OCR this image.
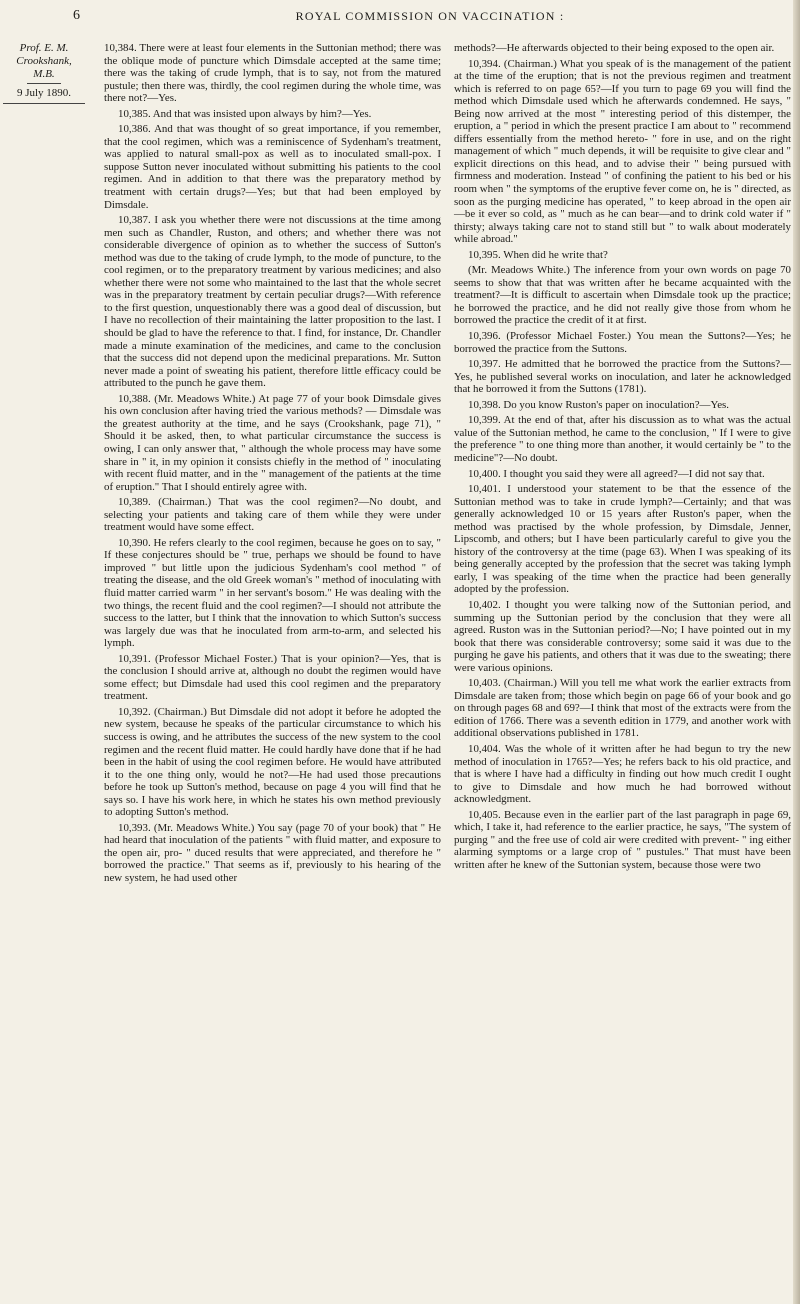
6	ROYAL COMMISSION ON VACCINATION :
Prof. E. M.
Crookshank,
M.B.
9 July 1890.

10,384. There were at least four elements in the Suttonian method; there was the oblique mode of puncture which Dimsdale accepted at the same time; there was the taking of crude lymph, that is to say, not from the matured pustule; then there was, thirdly, the cool regimen during the whole time, was there not?—Yes.

10,385. And that was insisted upon always by him?—Yes.

10,386. And that was thought of so great importance, if you remember, that the cool regimen, which was a reminiscence of Sydenham's treatment, was applied to natural small-pox as well as to inoculated small-pox. I suppose Sutton never inoculated without submitting his patients to the cool regimen. And in addition to that there was the preparatory method by treatment with certain drugs?—Yes; but that had been employed by Dimsdale.

10,387. I ask you whether there were not discussions at the time among men such as Chandler, Ruston, and others; and whether there was not considerable divergence of opinion as to whether the success of Sutton's method was due to the taking of crude lymph, to the mode of puncture, to the cool regimen, or to the preparatory treatment by various medicines; and also whether there were not some who maintained to the last that the whole secret was in the preparatory treatment by certain peculiar drugs?—With reference to the first question, unquestionably there was a good deal of discussion, but I have no recollection of their maintaining the latter proposition to the last. I should be glad to have the reference to that. I find, for instance, Dr. Chandler made a minute examination of the medicines, and came to the conclusion that the success did not depend upon the medicinal preparations. Mr. Sutton never made a point of sweating his patient, therefore little efficacy could be attributed to the punch he gave them.

10,388. (Mr. Meadows White.) At page 77 of your book Dimsdale gives his own conclusion after having tried the various methods? — Dimsdale was the greatest authority at the time, and he says (Crookshank, page 71), " Should it be asked, then, to what particular circumstance the success is owing, I can only answer that, " although the whole process may have some share in " it, in my opinion it consists chiefly in the method of " inoculating with recent fluid matter, and in the " management of the patients at the time of eruption." That I should entirely agree with.

10,389. (Chairman.) That was the cool regimen?—No doubt, and selecting your patients and taking care of them while they were under treatment would have some effect.

10,390. He refers clearly to the cool regimen, because he goes on to say, " If these conjectures should be " true, perhaps we should be found to have improved " but little upon the judicious Sydenham's cool method " of treating the disease, and the old Greek woman's " method of inoculating with fluid matter carried warm " in her servant's bosom." He was dealing with the two things, the recent fluid and the cool regimen?—I should not attribute the success to the latter, but I think that the innovation to which Sutton's success was largely due was that he inoculated from arm-to-arm, and selected his lymph.

10,391. (Professor Michael Foster.) That is your opinion?—Yes, that is the conclusion I should arrive at, although no doubt the regimen would have some effect; but Dimsdale had used this cool regimen and the preparatory treatment.

10,392. (Chairman.) But Dimsdale did not adopt it before he adopted the new system, because he speaks of the particular circumstance to which his success is owing, and he attributes the success of the new system to the cool regimen and the recent fluid matter. He could hardly have done that if he had been in the habit of using the cool regimen before. He would have attributed it to the one thing only, would he not?—He had used those precautions before he took up Sutton's method, because on page 4 you will find that he says so. I have his work here, in which he states his own method previously to adopting Sutton's method.

10,393. (Mr. Meadows White.) You say (page 70 of your book) that " He had heard that inoculation of the patients " with fluid matter, and exposure to the open air, pro- " duced results that were appreciated, and therefore he " borrowed the practice." That seems as if, previously to his hearing of the new system, he had used other

methods?—He afterwards objected to their being exposed to the open air.

10,394. (Chairman.) What you speak of is the management of the patient at the time of the eruption; that is not the previous regimen and treatment which is referred to on page 65?—If you turn to page 69 you will find the method which Dimsdale used which he afterwards condemned. He says, " Being now arrived at the most " interesting period of this distemper, the eruption, a " period in which the present practice I am about to " recommend differs essentially from the method hereto- " fore in use, and on the right management of which " much depends, it will be requisite to give clear and " explicit directions on this head, and to advise their " being pursued with firmness and moderation. Instead " of confining the patient to his bed or his room when " the symptoms of the eruptive fever come on, he is " directed, as soon as the purging medicine has operated, " to keep abroad in the open air—be it ever so cold, as " much as he can bear—and to drink cold water if " thirsty; always taking care not to stand still but " to walk about moderately while abroad."

10,395. When did he write that?

(Mr. Meadows White.) The inference from your own words on page 70 seems to show that that was written after he became acquainted with the treatment?—It is difficult to ascertain when Dimsdale took up the practice; he borrowed the practice, and he did not really give those from whom he borrowed the practice the credit of it at first.

10,396. (Professor Michael Foster.) You mean the Suttons?—Yes; he borrowed the practice from the Suttons.

10,397. He admitted that he borrowed the practice from the Suttons?—Yes, he published several works on inoculation, and later he acknowledged that he borrowed it from the Suttons (1781).

10,398. Do you know Ruston's paper on inoculation?—Yes.

10,399. At the end of that, after his discussion as to what was the actual value of the Suttonian method, he came to the conclusion, " If I were to give the preference " to one thing more than another, it would certainly be " to the medicine"?—No doubt.

10,400. I thought you said they were all agreed?—I did not say that.

10,401. I understood your statement to be that the essence of the Suttonian method was to take in crude lymph?—Certainly; and that was generally acknowledged 10 or 15 years after Ruston's paper, when the method was practised by the whole profession, by Dimsdale, Jenner, Lipscomb, and others; but I have been particularly careful to give you the history of the controversy at the time (page 63). When I was speaking of its being generally accepted by the profession that the secret was taking lymph early, I was speaking of the time when the practice had been generally adopted by the profession.

10,402. I thought you were talking now of the Suttonian period, and summing up the Suttonian period by the conclusion that they were all agreed. Ruston was in the Suttonian period?—No; I have pointed out in my book that there was considerable controversy; some said it was due to the purging he gave his patients, and others that it was due to the sweating; there were various opinions.

10,403. (Chairman.) Will you tell me what work the earlier extracts from Dimsdale are taken from; those which begin on page 66 of your book and go on through pages 68 and 69?—I think that most of the extracts were from the edition of 1766. There was a seventh edition in 1779, and another work with additional observations published in 1781.

10,404. Was the whole of it written after he had begun to try the new method of inoculation in 1765?—Yes; he refers back to his old practice, and that is where I have had a difficulty in finding out how much credit I ought to give to Dimsdale and how much he had borrowed without acknowledgment.

10,405. Because even in the earlier part of the last paragraph in page 69, which, I take it, had reference to the earlier practice, he says, "The system of purging " and the free use of cold air were credited with prevent- " ing either alarming symptoms or a large crop of " pustules." That must have been written after he knew of the Suttonian system, because those were two
